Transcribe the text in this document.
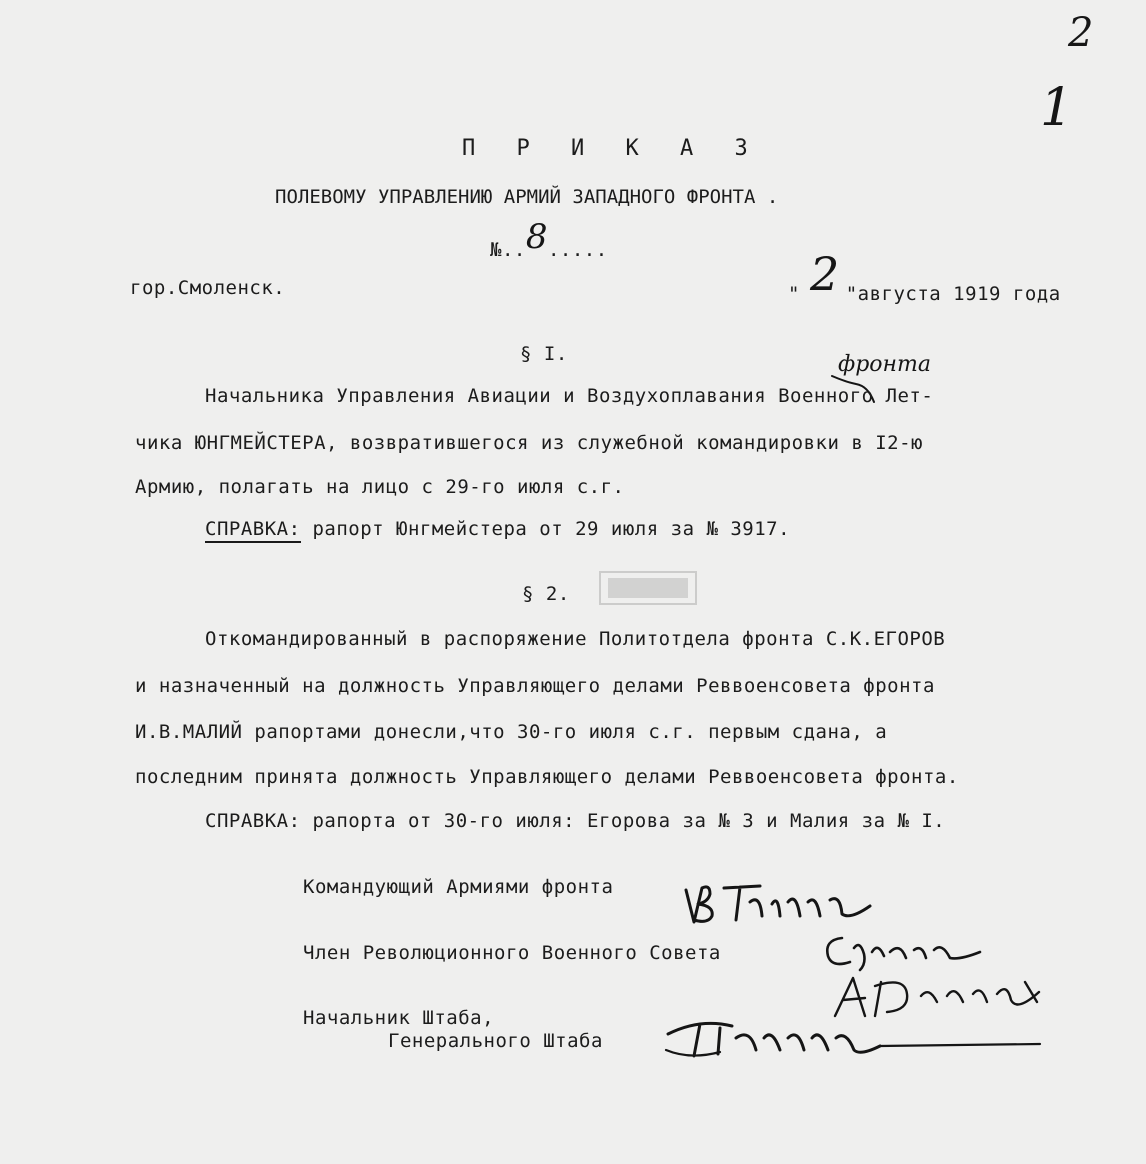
2
1
П Р И К А З
ПОЛЕВОМУ УПРАВЛЕНИЮ АРМИЙ ЗАПАДНОГО ФРОНТА .
№..8.....
гор.Смоленск.	" 2 "августа 1919 года
§ I.	фронта
Начальника Управления Авиации и Воздухоплавания Военного Лет-
чика ЮНГМЕЙСТЕРА, возвратившегося из служебной командировки в I2-ю
Армию, полагать на лицо с 29-го июля с.г.
СПРАВКА: рапорт Юнгмейстера от 29 июля за № 3917.
§ 2.
Откомандированный в распоряжение Политотдела фронта С.К.ЕГОРОВ
и назначенный на должность Управляющего делами Реввоенсовета фронта
И.В.МАЛИЙ рапортами донесли,что 30-го июля с.г. первым сдана, а
последним принята должность Управляющего делами Реввоенсовета фронта.
СПРАВКА: рапорта от 30-го июля: Егорова за № 3 и Малия за № I.
Командующий Армиями фронта
Член Революционного Военного Совета
Начальник Штаба,
Генерального Штаба
